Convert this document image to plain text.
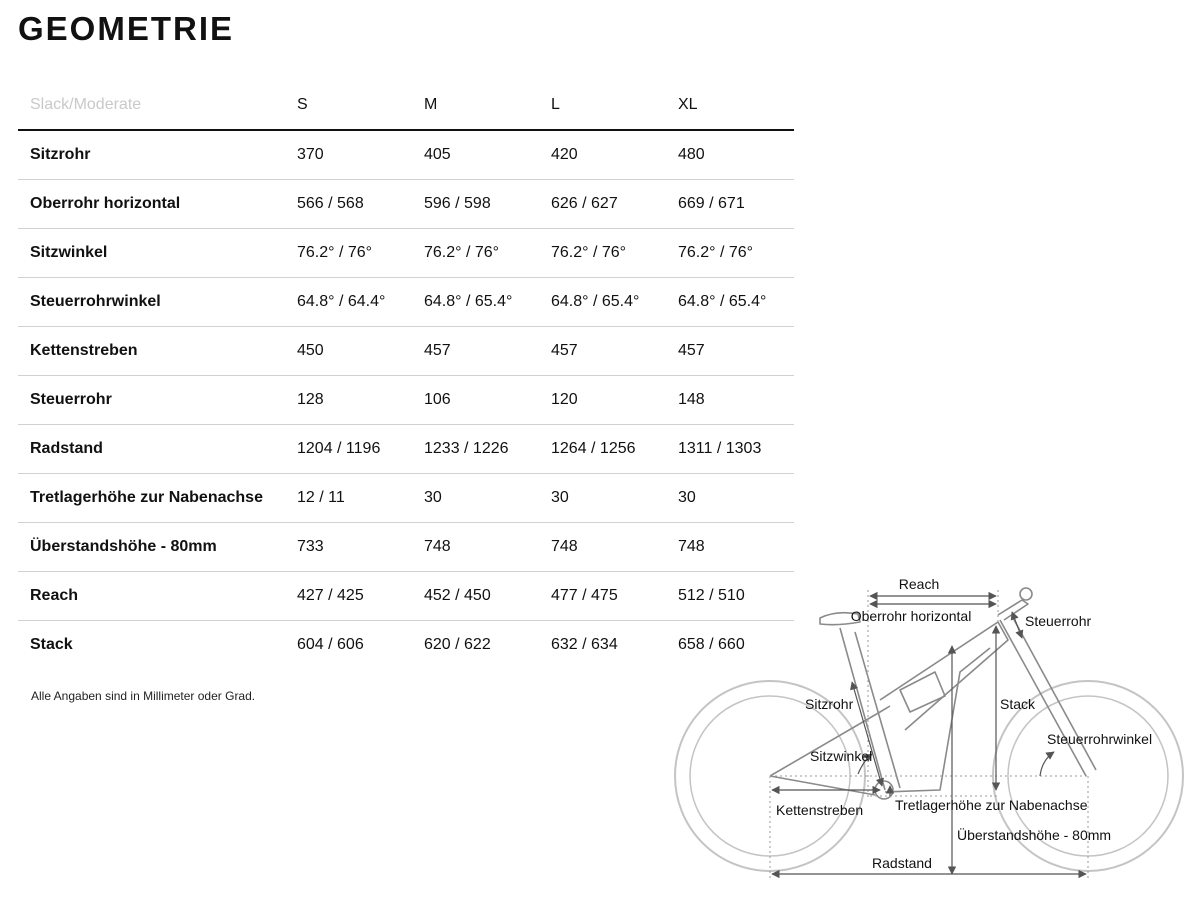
GEOMETRIE
Slack/Moderate	S	M	L	XL
Sitzrohr	370	405	420	480
Oberrohr horizontal	566 / 568	596 / 598	626 / 627	669 / 671
Sitzwinkel	76.2° / 76°	76.2° / 76°	76.2° / 76°	76.2° / 76°
Steuerrohrwinkel	64.8° / 64.4°	64.8° / 65.4°	64.8° / 65.4°	64.8° / 65.4°
Kettenstreben	450	457	457	457
Steuerrohr	128	106	120	148
Radstand	1204 / 1196	1233 / 1226	1264 / 1256	1311 / 1303
Tretlagerhöhe zur Nabenachse	12 / 11	30	30	30
Überstandshöhe - 80mm	733	748	748	748
Reach	427 / 425	452 / 450	477 / 475	512 / 510
Stack	604 / 606	620 / 622	632 / 634	658 / 660
Alle Angaben sind in Millimeter oder Grad.
Reach
Oberrohr horizontal	Steuerrohr
Stack
Sitzrohr
Sitzwinkel
Steuerrohrwinkel
Kettenstreben Tretlagerhöhe zur Nabenachse
Überstandshöhe - 80mm
Radstand
